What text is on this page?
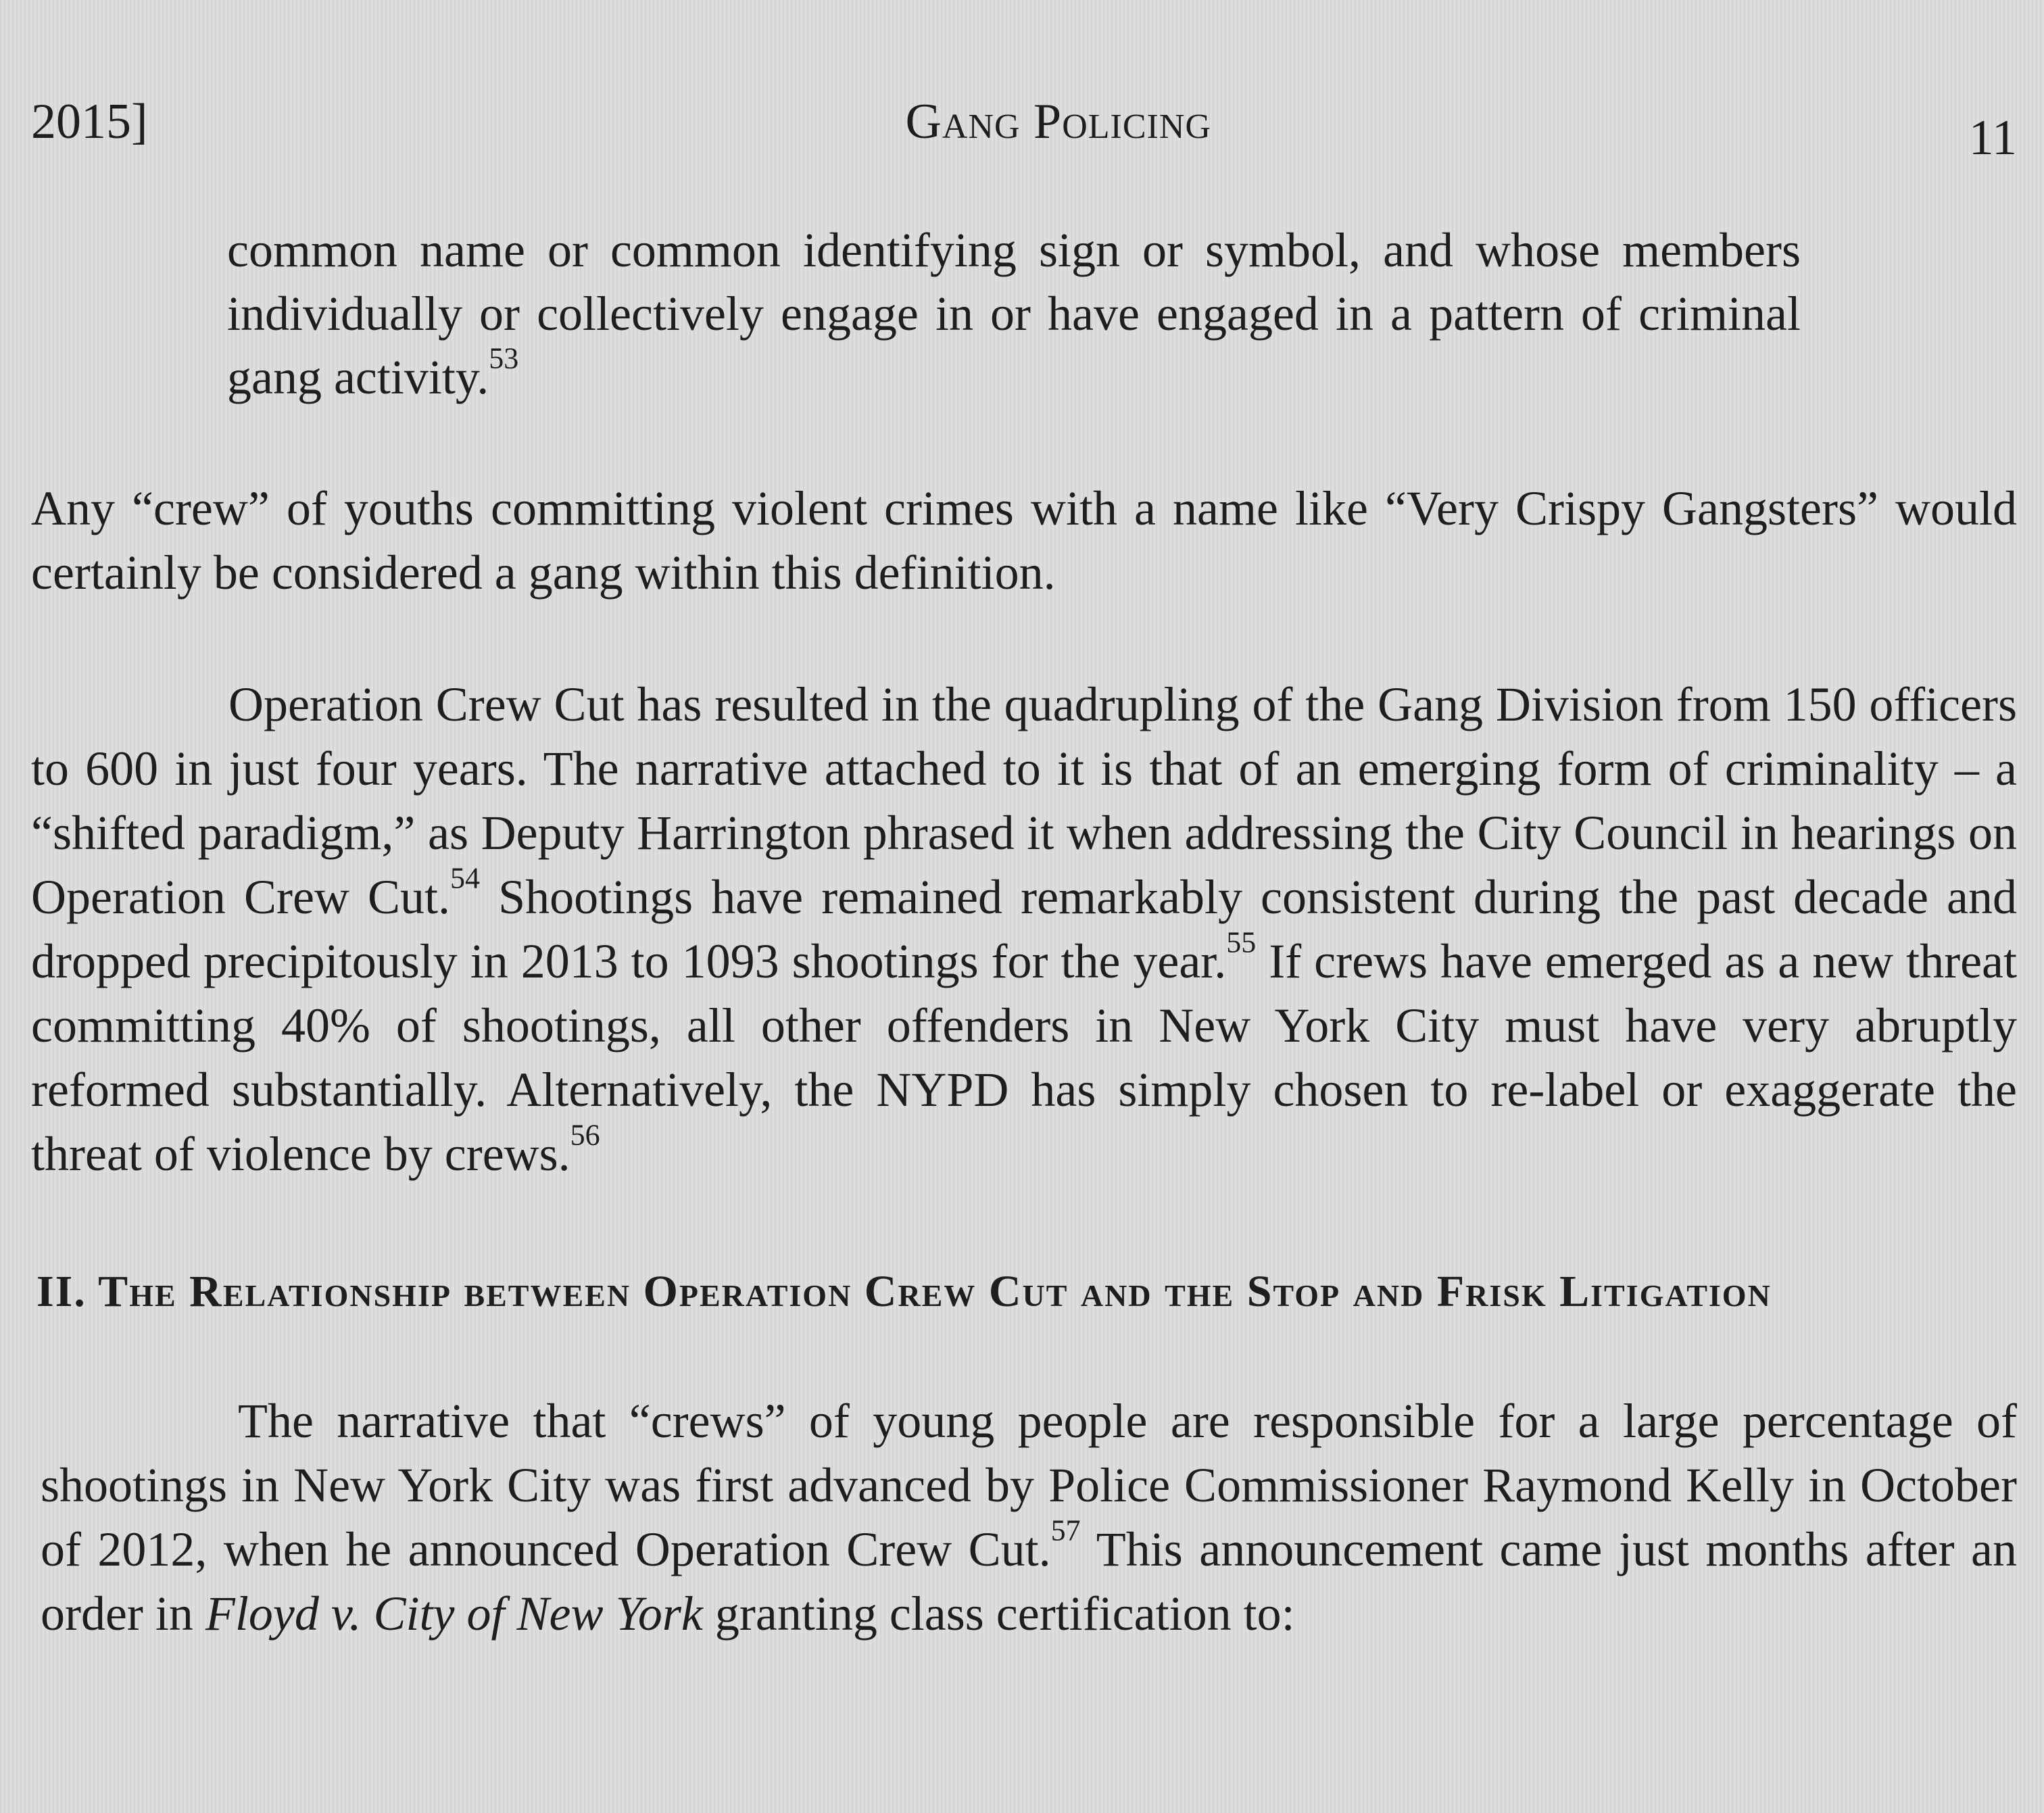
2015]	Gang Policing	11
common name or common identifying sign or symbol, and whose members individually or collectively engage in or have engaged in a pattern of criminal gang activity.$^{53}$

Any “crew” of youths committing violent crimes with a name like “Very Crispy Gangsters” would certainly be considered a gang within this definition.

Operation Crew Cut has resulted in the quadrupling of the Gang Division from 150 officers to 600 in just four years. The narrative attached to it is that of an emerging form of criminality – a “shifted paradigm,” as Deputy Harrington phrased it when addressing the City Council in hearings on Operation Crew Cut.$^{54}$ Shootings have remained remarkably consistent during the past decade and dropped precipitously in 2013 to 1093 shootings for the year.$^{55}$ If crews have emerged as a new threat committing 40% of shootings, all other offenders in New York City must have very abruptly reformed substantially. Alternatively, the NYPD has simply chosen to re-label or exaggerate the threat of violence by crews.$^{56}$

II. The Relationship between Operation Crew Cut and the Stop and Frisk Litigation

The narrative that “crews” of young people are responsible for a large percentage of shootings in New York City was first advanced by Police Commissioner Raymond Kelly in October of 2012, when he announced Operation Crew Cut.$^{57}$ This announcement came just months after an order in Floyd v. City of New York granting class certification to:
